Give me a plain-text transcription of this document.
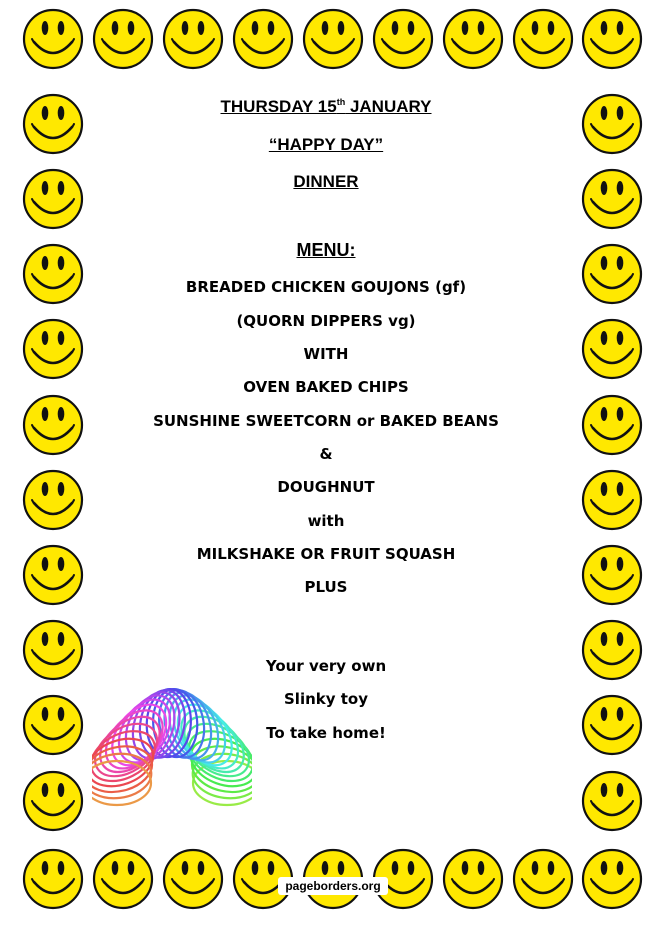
THURSDAY 15th JANUARY
“HAPPY DAY”
DINNER
MENU:
BREADED CHICKEN GOUJONS (gf)
(QUORN DIPPERS vg)
WITH
OVEN BAKED CHIPS
SUNSHINE SWEETCORN or BAKED BEANS
&
DOUGHNUT
with
MILKSHAKE OR FRUIT SQUASH
PLUS
Your very own
Slinky toy
To take home!
pageborders.org
